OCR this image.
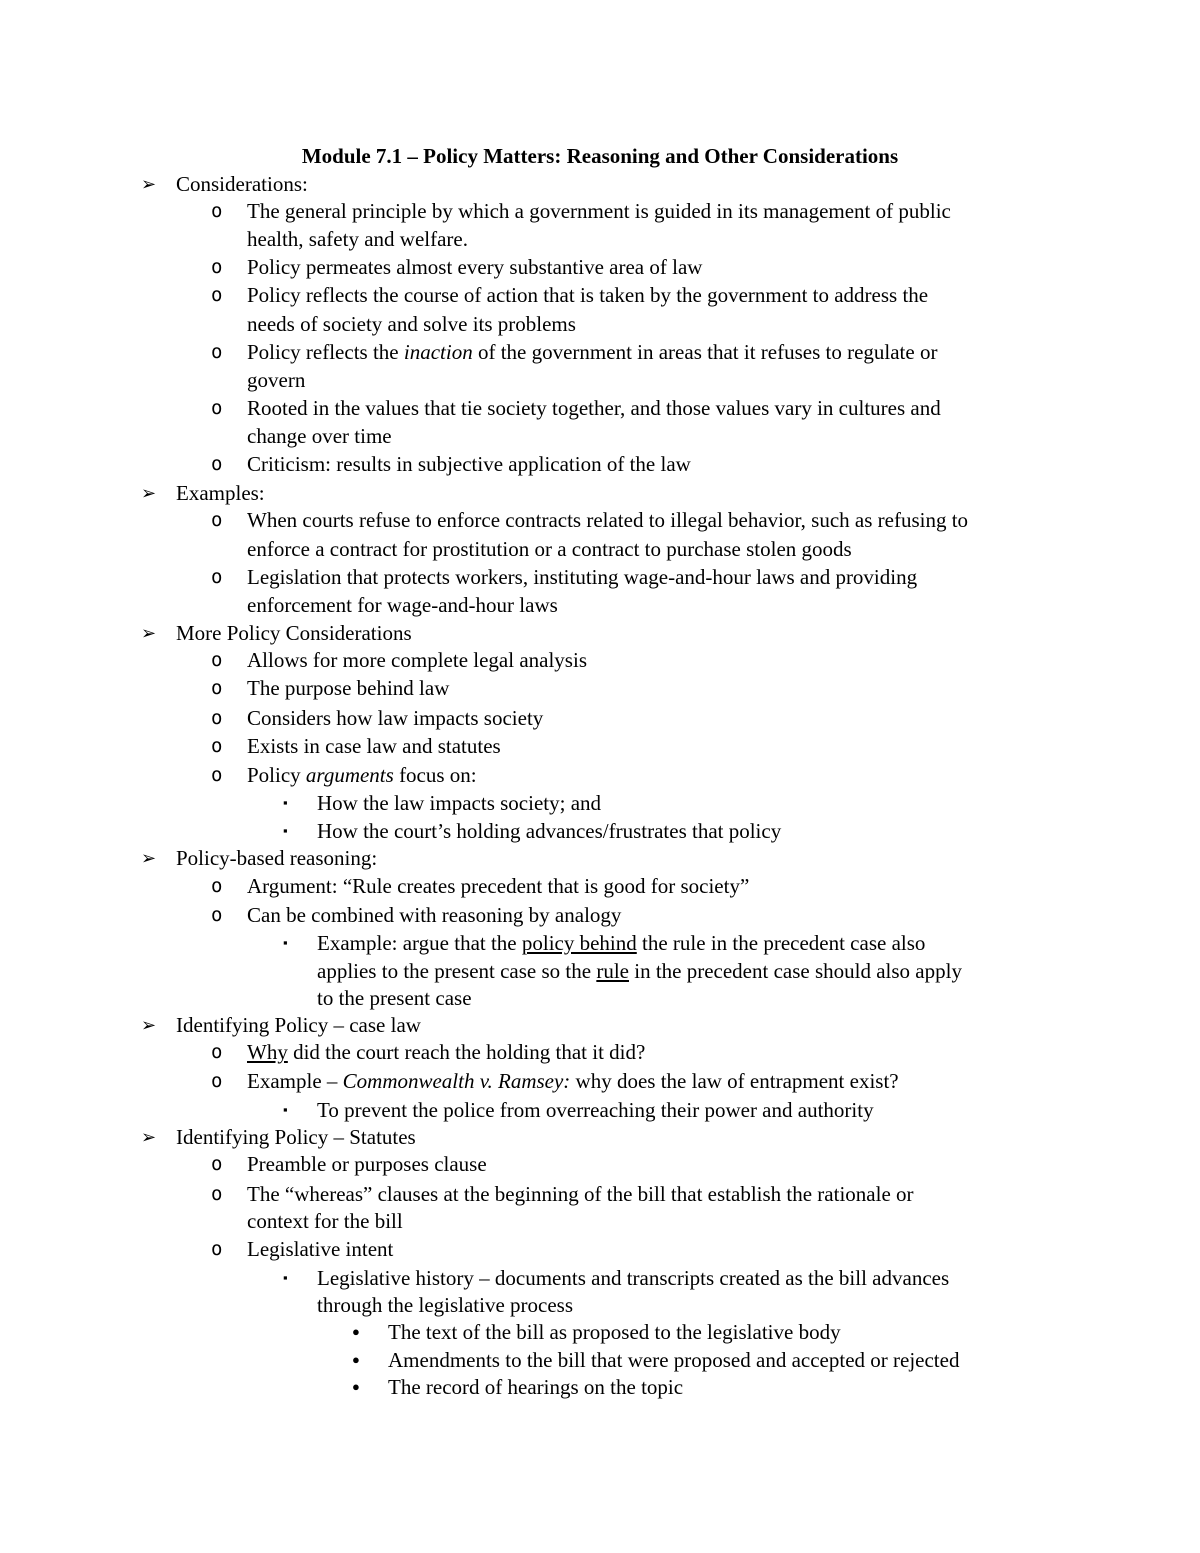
Module 7.1 – Policy Matters: Reasoning and Other Considerations
➢ Considerations:
o The general principle by which a government is guided in its management of public
health, safety and welfare.
o Policy permeates almost every substantive area of law
o Policy reflects the course of action that is taken by the government to address the
needs of society and solve its problems
o Policy reflects the inaction of the government in areas that it refuses to regulate or
govern
o Rooted in the values that tie society together, and those values vary in cultures and
change over time
o Criticism: results in subjective application of the law
➢ Examples:
o When courts refuse to enforce contracts related to illegal behavior, such as refusing to
enforce a contract for prostitution or a contract to purchase stolen goods
o Legislation that protects workers, instituting wage-and-hour laws and providing
enforcement for wage-and-hour laws
➢ More Policy Considerations
o Allows for more complete legal analysis
o The purpose behind law
o Considers how law impacts society
o Exists in case law and statutes
o Policy arguments focus on:
▪ How the law impacts society; and
▪ How the court’s holding advances/frustrates that policy
➢ Policy-based reasoning:
o Argument: “Rule creates precedent that is good for society”
o Can be combined with reasoning by analogy
▪ Example: argue that the policy behind the rule in the precedent case also
applies to the present case so the rule in the precedent case should also apply
to the present case
➢ Identifying Policy – case law
o Why did the court reach the holding that it did?
o Example – Commonwealth v. Ramsey: why does the law of entrapment exist?
▪ To prevent the police from overreaching their power and authority
➢ Identifying Policy – Statutes
o Preamble or purposes clause
o The “whereas” clauses at the beginning of the bill that establish the rationale or
context for the bill
o Legislative intent
▪ Legislative history – documents and transcripts created as the bill advances
through the legislative process
● The text of the bill as proposed to the legislative body
● Amendments to the bill that were proposed and accepted or rejected
● The record of hearings on the topic
